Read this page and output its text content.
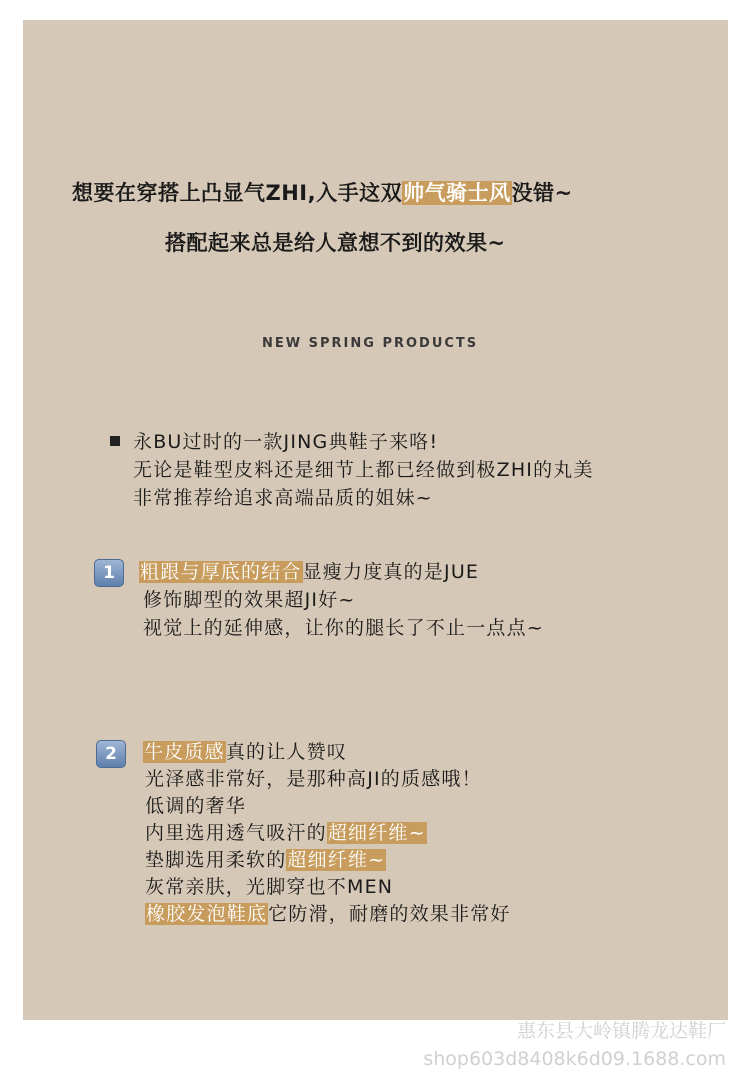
想要在穿搭上凸显气ZHI,入手这双帅气骑士风没错~
搭配起来总是给人意想不到的效果~
NEW SPRING PRODUCTS
永BU过时的一款JING典鞋子来咯!
无论是鞋型皮料还是细节上都已经做到极ZHI的丸美
非常推荐给追求高端品质的姐妹~
1	粗跟与厚底的结合显瘦力度真的是JUE
修饰脚型的效果超JI好~
视觉上的延伸感，让你的腿长了不止一点点~
2	牛皮质感真的让人赞叹
光泽感非常好，是那种高JI的质感哦！
低调的奢华
内里选用透气吸汗的超细纤维~
垫脚选用柔软的超细纤维~
灰常亲肤，光脚穿也不MEN
橡胶发泡鞋底它防滑，耐磨的效果非常好
惠东县大岭镇腾龙达鞋厂
shop603d8408k6d09.1688.com
